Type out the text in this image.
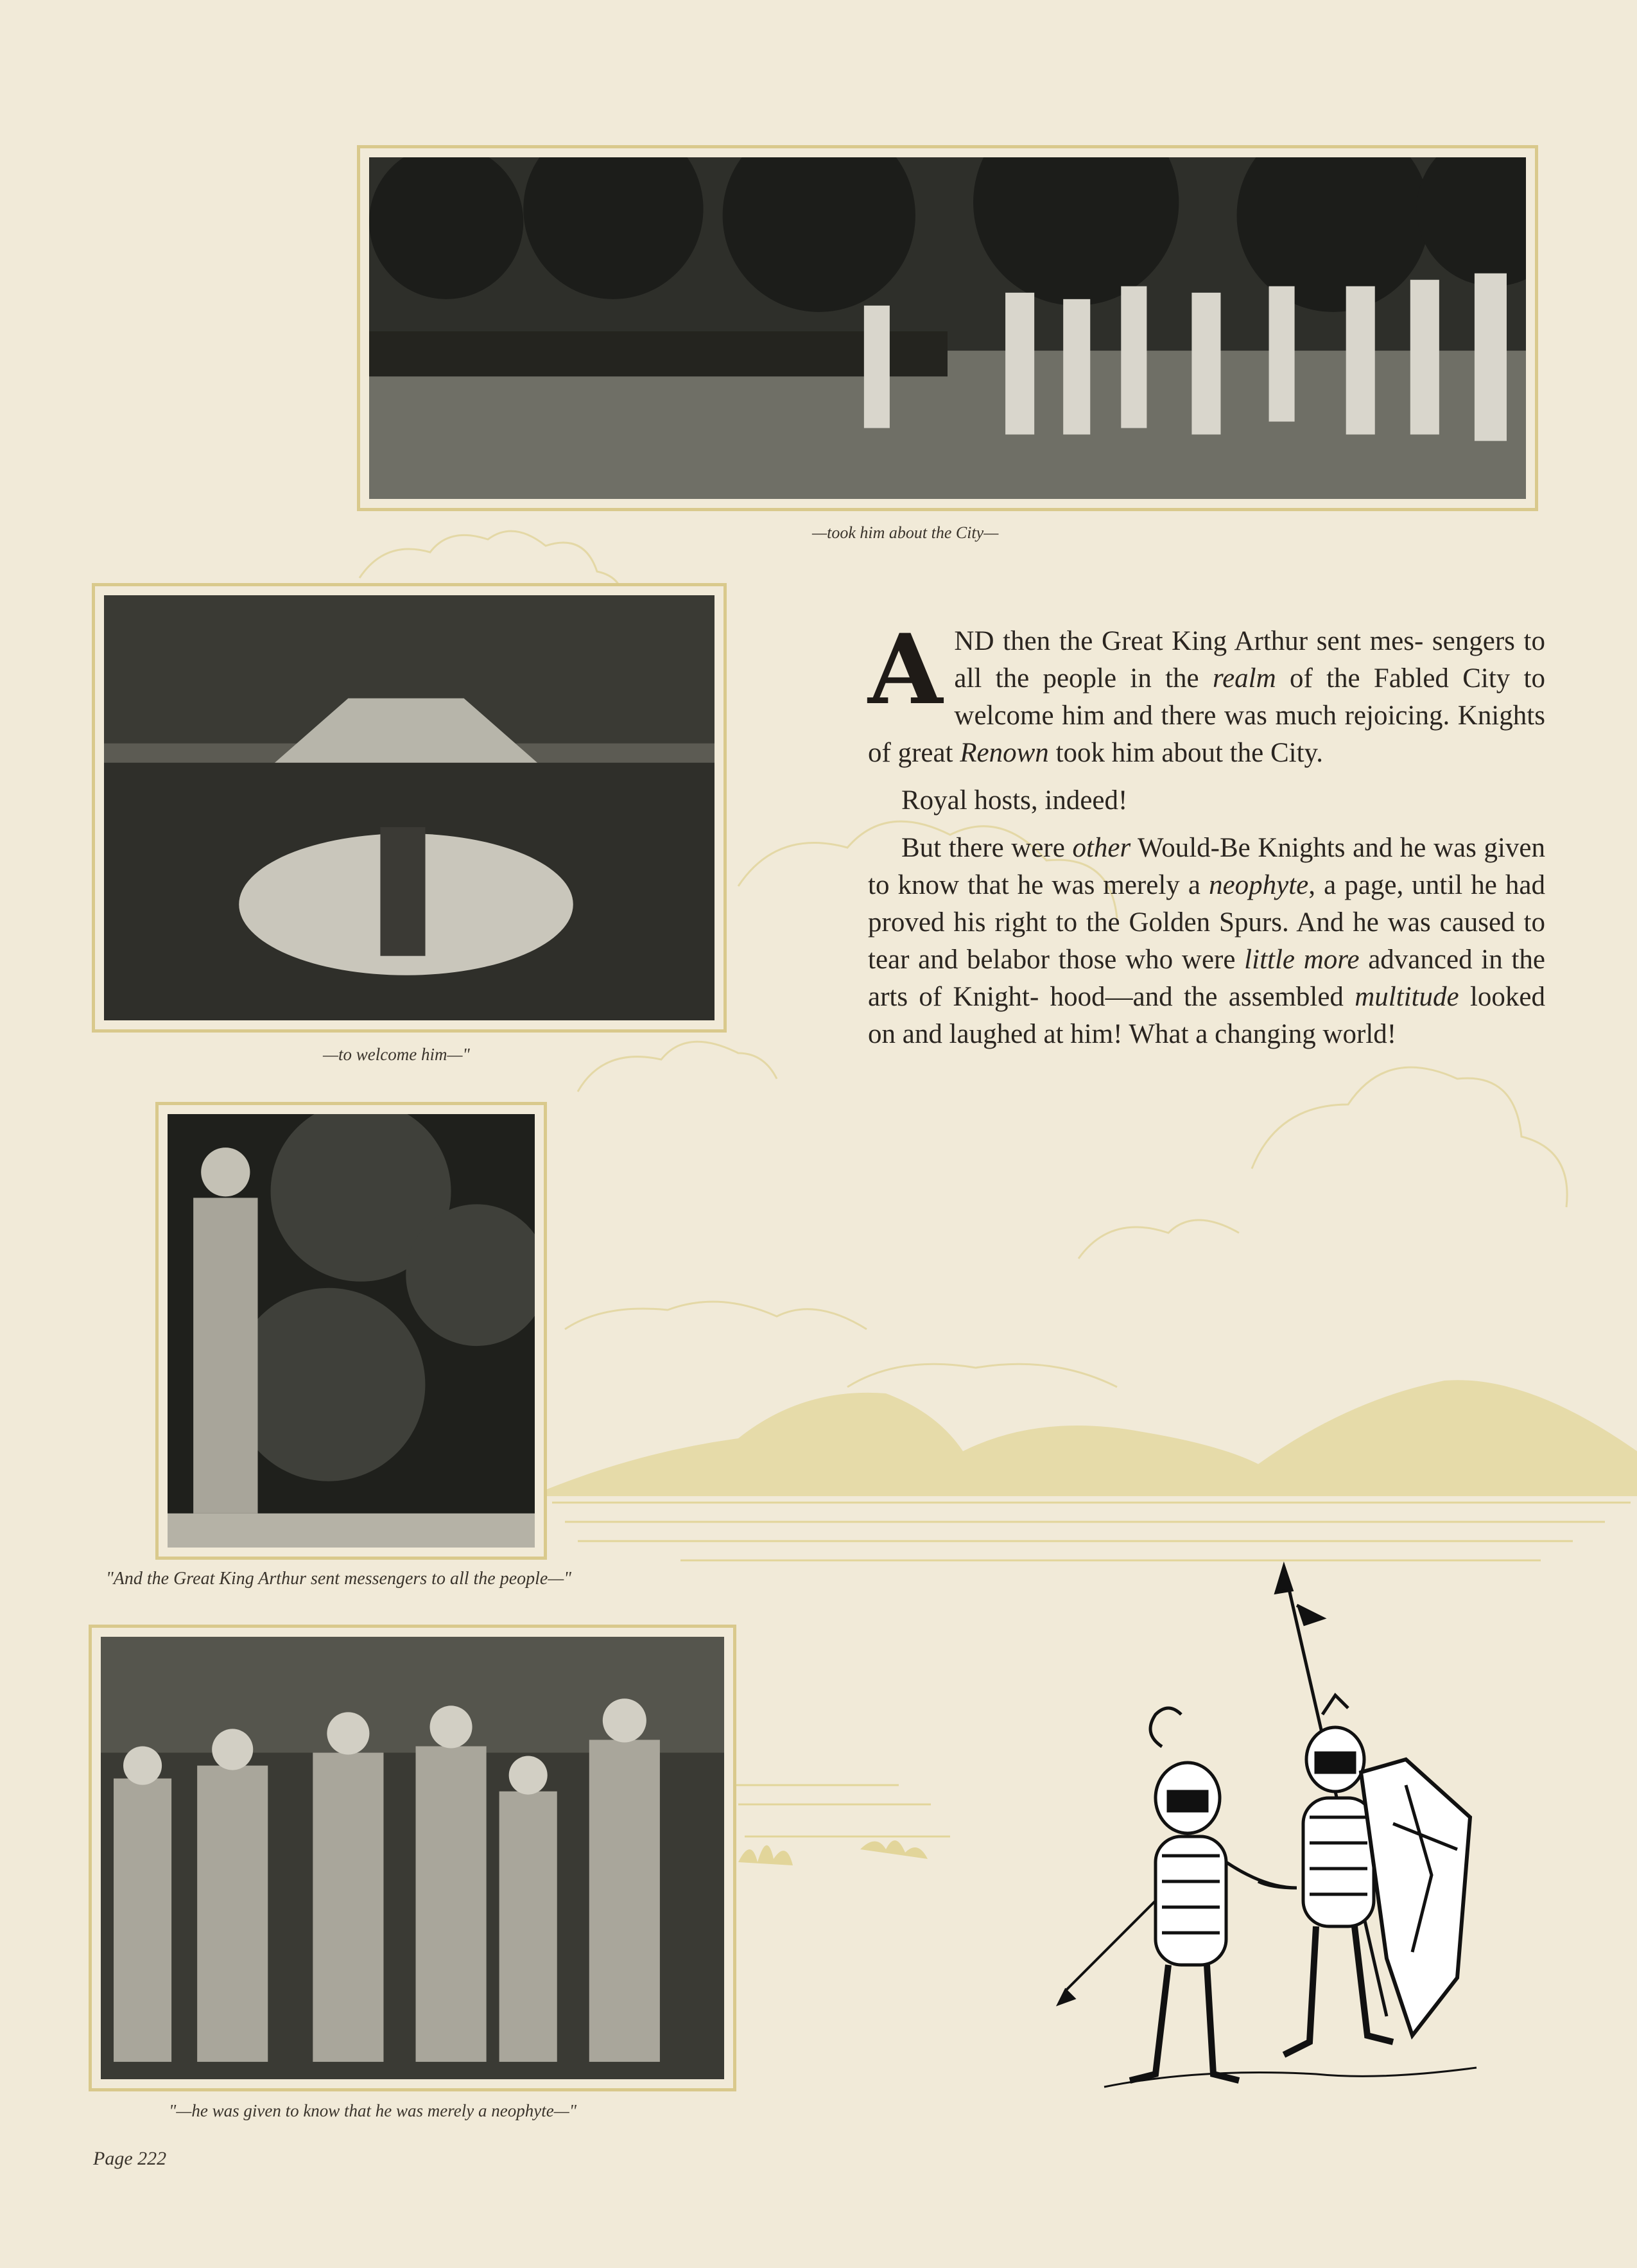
—took him about the City—
—to welcome him—"
"And the Great King Arthur sent messengers to all the people—"
"—he was given to know that he was merely a neophyte—"

AND then the Great King Arthur sent mes- sengers to all the people in the realm of the Fabled City to welcome him and there was much rejoicing. Knights of great Renown took him about the City.

Royal hosts, indeed!

But there were other Would-Be Knights and he was given to know that he was merely a neophyte, a page, until he had proved his right to the Golden Spurs. And he was caused to tear and belabor those who were little more advanced in the arts of Knight- hood—and the assembled multitude looked on and laughed at him! What a changing world!

Page 222
